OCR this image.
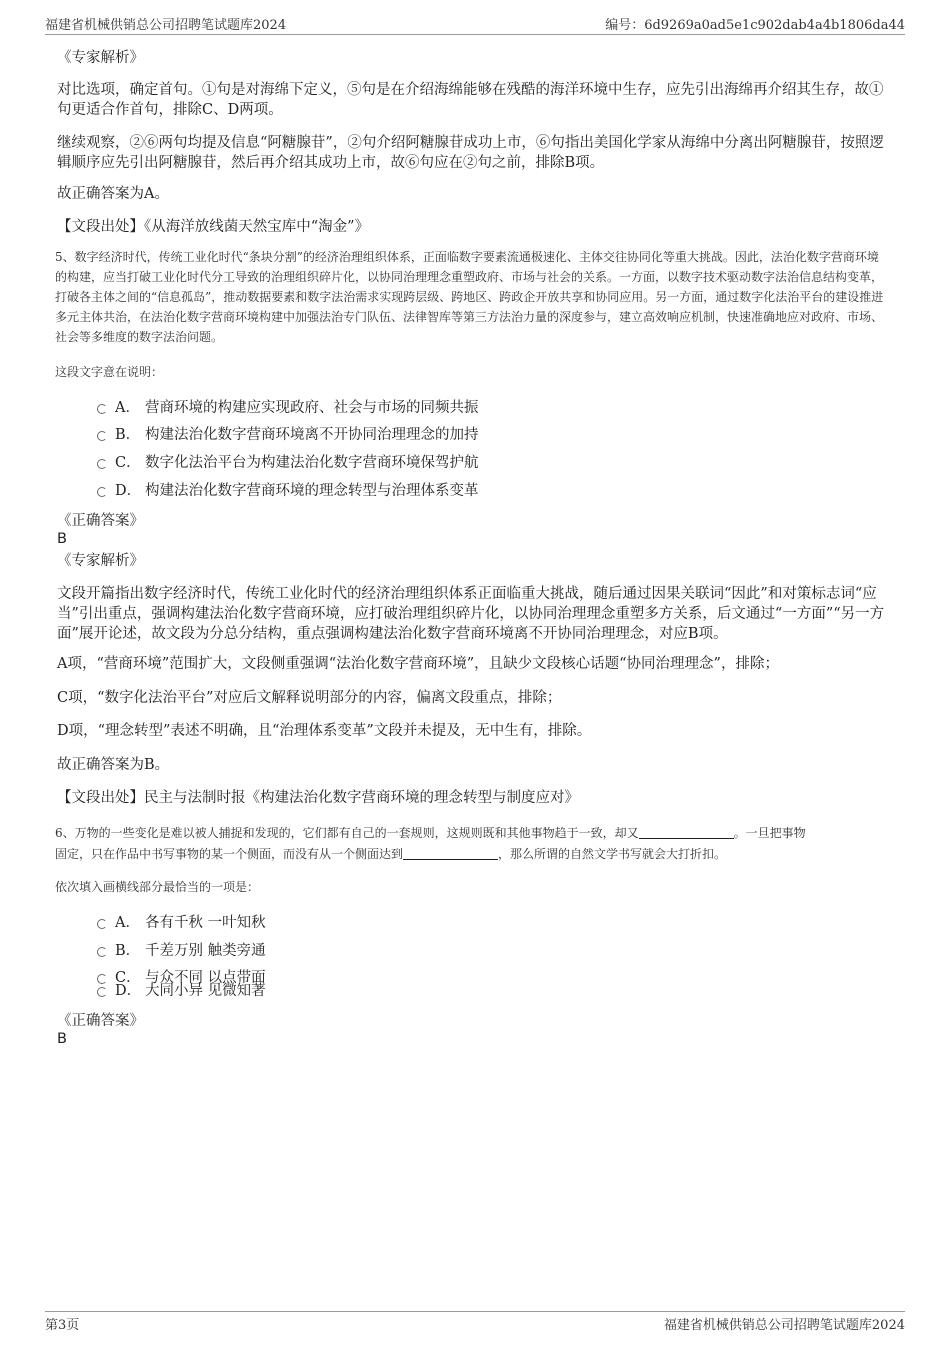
福建省机械供销总公司招聘笔试题库2024	编号：6d9269a0ad5e1c902dab4a4b1806da44
《专家解析》
对比选项，确定首句。①句是对海绵下定义，⑤句是在介绍海绵能够在残酷的海洋环境中生存，应先引出海绵再介绍其生存，故①句更适合作首句，排除C、D两项。
继续观察，②⑥两句均提及信息“阿糖腺苷”，②句介绍阿糖腺苷成功上市，⑥句指出美国化学家从海绵中分离出阿糖腺苷，按照逻辑顺序应先引出阿糖腺苷，然后再介绍其成功上市，故⑥句应在②句之前，排除B项。
故正确答案为A。
【文段出处】《从海洋放线菌天然宝库中“淘金”》
5、数字经济时代，传统工业化时代“条块分割”的经济治理组织体系，正面临数字要素流通极速化、主体交往协同化等重大挑战。因此，法治化数字营商环境的构建，应当打破工业化时代分工导致的治理组织碎片化，以协同治理理念重塑政府、市场与社会的关系。一方面，以数字技术驱动数字法治信息结构变革，打破各主体之间的“信息孤岛”，推动数据要素和数字法治需求实现跨层级、跨地区、跨政企开放共享和协同应用。另一方面，通过数字化法治平台的建设推进多元主体共治，在法治化数字营商环境构建中加强法治专门队伍、法律智库等第三方法治力量的深度参与，建立高效响应机制，快速准确地应对政府、市场、社会等多维度的数字法治问题。
这段文字意在说明：
A． 营商环境的构建应实现政府、社会与市场的同频共振
B． 构建法治化数字营商环境离不开协同治理理念的加持
C． 数字化法治平台为构建法治化数字营商环境保驾护航
D． 构建法治化数字营商环境的理念转型与治理体系变革
《正确答案》
B
《专家解析》
文段开篇指出数字经济时代，传统工业化时代的经济治理组织体系正面临重大挑战，随后通过因果关联词“因此”和对策标志词“应当”引出重点，强调构建法治化数字营商环境，应打破治理组织碎片化，以协同治理理念重塑多方关系，后文通过“一方面”“另一方面”展开论述，故文段为分总分结构，重点强调构建法治化数字营商环境离不开协同治理理念，对应B项。
A项，“营商环境”范围扩大，文段侧重强调“法治化数字营商环境”，且缺少文段核心话题“协同治理理念”，排除；
C项，“数字化法治平台”对应后文解释说明部分的内容，偏离文段重点，排除；
D项，“理念转型”表述不明确，且“治理体系变革”文段并未提及，无中生有，排除。
故正确答案为B。
【文段出处】民主与法制时报《构建法治化数字营商环境的理念转型与制度应对》
6、万物的一些变化是难以被人捕捉和发现的，它们都有自己的一套规则，这规则既和其他事物趋于一致，却又	。一旦把事物
固定，只在作品中书写事物的某一个侧面，而没有从一个侧面达到	，那么所谓的自然文学书写就会大打折扣。
依次填入画横线部分最恰当的一项是：
A． 各有千秋 一叶知秋
B． 千差万别 触类旁通
C． 与众不同 以点带面
D． 大同小异 见微知著
《正确答案》
B
第3页	福建省机械供销总公司招聘笔试题库2024
